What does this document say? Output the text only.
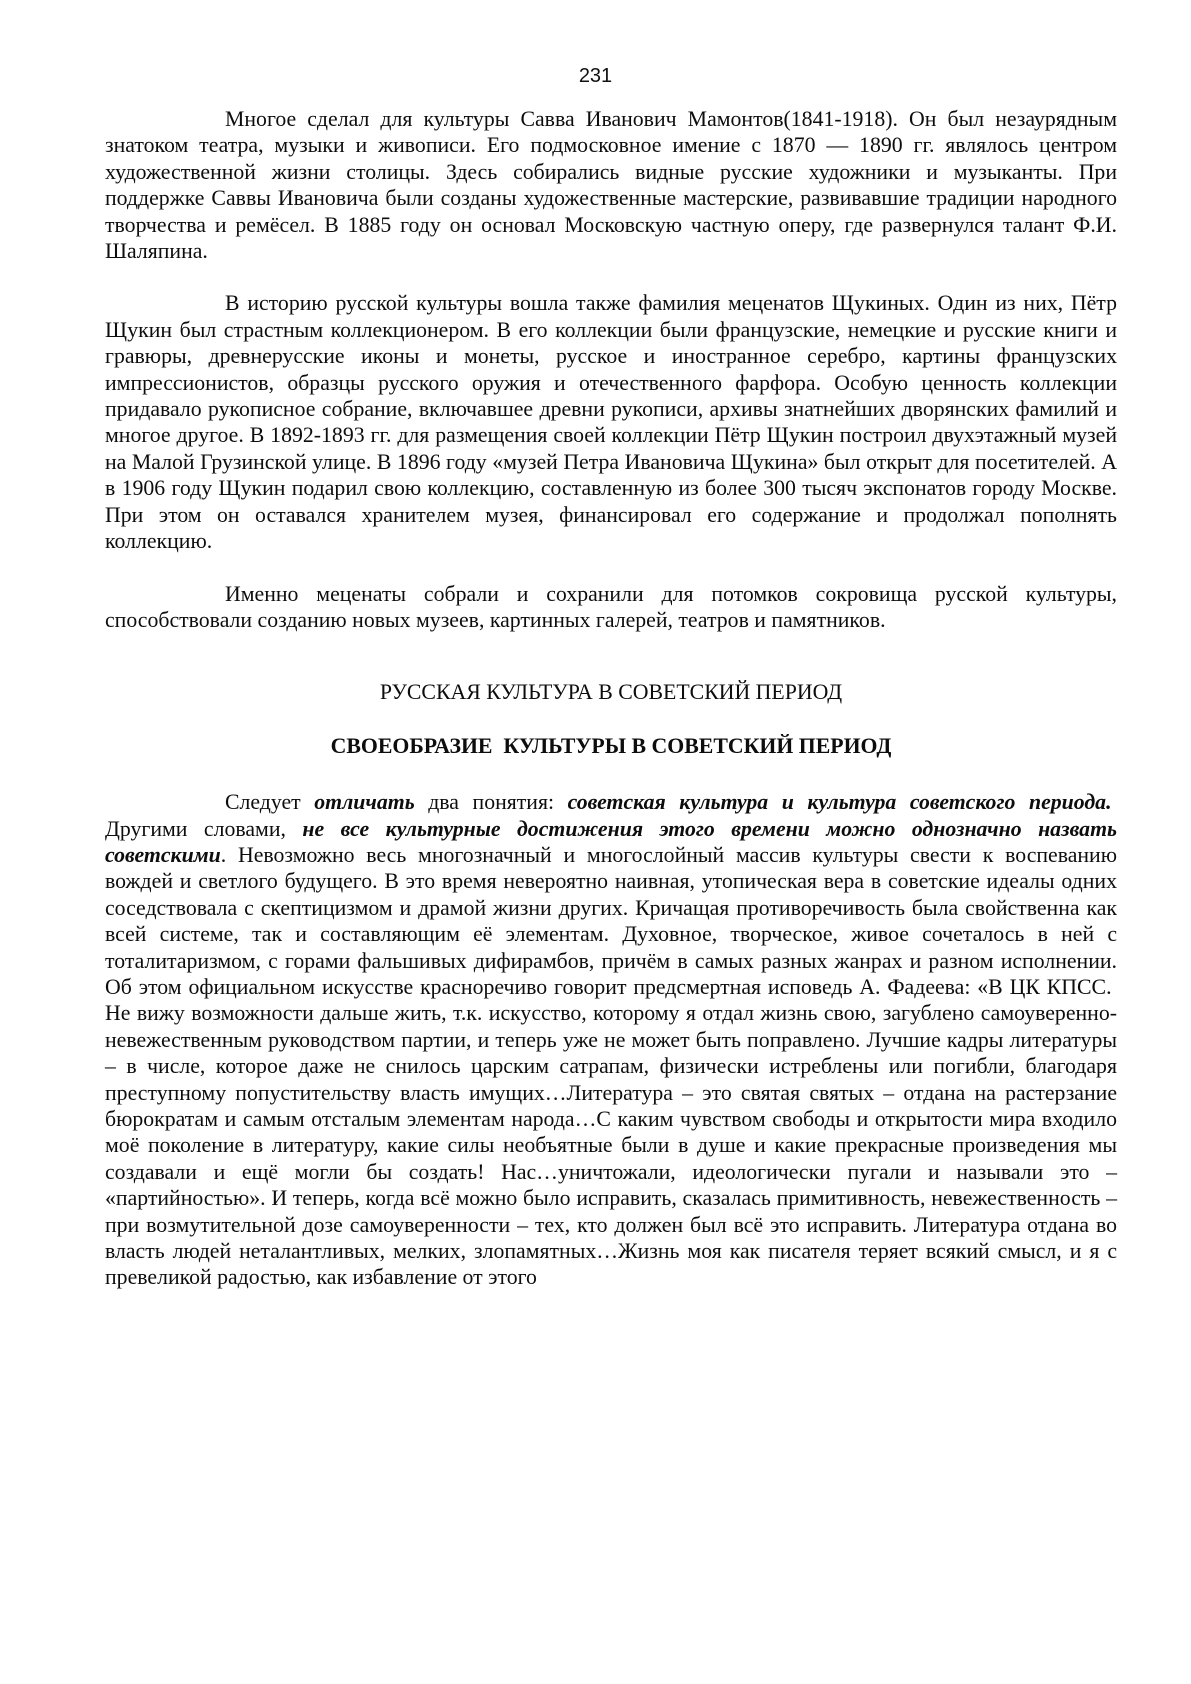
231

Многое сделал для культуры Савва Иванович Мамонтов(1841-1918). Он был незаурядным знатоком театра, музыки и живописи. Его подмосковное имение с 1870 — 1890 гг. являлось центром художественной жизни столицы. Здесь собирались видные русские художники и музыканты. При поддержке Саввы Ивановича были созданы художественные мастерские, развивавшие традиции народного творчества и ремёсел. В 1885 году он основал Московскую частную оперу, где развернулся талант Ф.И. Шаляпина.

В историю русской культуры вошла также фамилия меценатов Щукиных. Один из них, Пётр Щукин был страстным коллекционером. В его коллекции были французские, немецкие и русские книги и гравюры, древнерусские иконы и монеты, русское и иностранное серебро, картины французских импрессионистов, образцы русского оружия и отечественного фарфора. Особую ценность коллекции придавало рукописное собрание, включавшее древни рукописи, архивы знатнейших дворянских фамилий и многое другое. В 1892-1893 гг. для размещения своей коллекции Пётр Щукин построил двухэтажный музей на Малой Грузинской улице. В 1896 году «музей Петра Ивановича Щукина» был открыт для посетителей. А в 1906 году Щукин подарил свою коллекцию, составленную из более 300 тысяч экспонатов городу Москве. При этом он оставался хранителем музея, финансировал его содержание и продолжал пополнять коллекцию.

Именно меценаты собрали и сохранили для потомков сокровища русской культуры, способствовали созданию новых музеев, картинных галерей, театров и памятников.

РУССКАЯ КУЛЬТУРА В СОВЕТСКИЙ ПЕРИОД
СВОЕОБРАЗИЕ  КУЛЬТУРЫ В СОВЕТСКИЙ ПЕРИОД

Следует отличать два понятия: советская культура и культура советского периода.  Другими словами, не все культурные достижения этого времени можно однозначно назвать советскими. Невозможно весь многозначный и многослойный массив культуры свести к воспеванию вождей и светлого будущего. В это время невероятно наивная, утопическая вера в советские идеалы одних соседствовала с скептицизмом и драмой жизни других. Кричащая противоречивость была свойственна как всей системе, так и составляющим её элементам. Духовное, творческое, живое сочеталось в ней с тоталитаризмом, с горами фальшивых дифирамбов, причём в самых разных жанрах и разном исполнении. Об этом официальном искусстве красноречиво говорит предсмертная исповедь А. Фадеева: «В ЦК КПСС.  Не вижу возможности дальше жить, т.к. искусство, которому я отдал жизнь свою, загублено самоуверенно-невежественным руководством партии, и теперь уже не может быть поправлено. Лучшие кадры литературы – в числе, которое даже не снилось царским сатрапам, физически истреблены или погибли, благодаря преступному попустительству власть имущих…Литература – это святая святых – отдана на растерзание бюрократам и самым отсталым элементам народа…С каким чувством свободы и открытости мира входило моё поколение в литературу, какие силы необъятные были в душе и какие прекрасные произведения мы создавали и ещё могли бы создать! Нас…уничтожали, идеологически пугали и называли это – «партийностью». И теперь, когда всё можно было исправить, сказалась примитивность, невежественность – при возмутительной дозе самоуверенности – тех, кто должен был всё это исправить. Литература отдана во власть людей неталантливых, мелких, злопамятных…Жизнь моя как писателя теряет всякий смысл, и я с превеликой радостью, как избавление от этого
